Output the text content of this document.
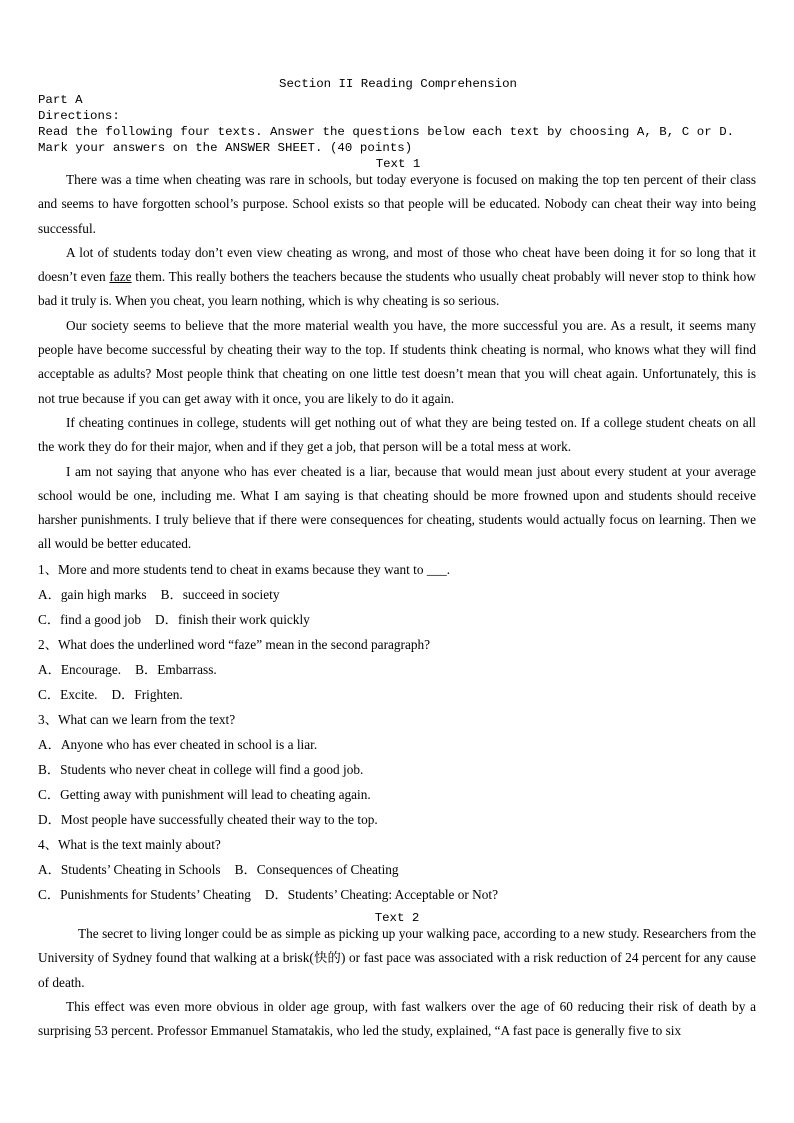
Section II Reading Comprehension

Part A

Directions:

Read the following four texts. Answer the questions below each text by choosing A, B, C or D. Mark your answers on the ANSWER SHEET. (40 points)

Text 1

There was a time when cheating was rare in schools, but today everyone is focused on making the top ten percent of their class and seems to have forgotten school’s purpose. School exists so that people will be educated. Nobody can cheat their way into being successful.

A lot of students today don’t even view cheating as wrong, and most of those who cheat have been doing it for so long that it doesn’t even faze them. This really bothers the teachers because the students who usually cheat probably will never stop to think how bad it truly is. When you cheat, you learn nothing, which is why cheating is so serious.

Our society seems to believe that the more material wealth you have, the more successful you are. As a result, it seems many people have become successful by cheating their way to the top. If students think cheating is normal, who knows what they will find acceptable as adults? Most people think that cheating on one little test doesn’t mean that you will cheat again. Unfortunately, this is not true because if you can get away with it once, you are likely to do it again.

If cheating continues in college, students will get nothing out of what they are being tested on. If a college student cheats on all the work they do for their major, when and if they get a job, that person will be a total mess at work.

I am not saying that anyone who has ever cheated is a liar, because that would mean just about every student at your average school would be one, including me. What I am saying is that cheating should be more frowned upon and students should receive harsher punishments. I truly believe that if there were consequences for cheating, students would actually focus on learning. Then we all would be better educated.

1、More and more students tend to cheat in exams because they want to ___.

A．gain high marks B．succeed in society

C．find a good job D．finish their work quickly

2、What does the underlined word “faze” mean in the second paragraph?

A．Encourage. B．Embarrass.

C．Excite. D．Frighten.

3、What can we learn from the text?

A．Anyone who has ever cheated in school is a liar.

B．Students who never cheat in college will find a good job.

C．Getting away with punishment will lead to cheating again.

D．Most people have successfully cheated their way to the top.

4、What is the text mainly about?

A．Students’ Cheating in Schools B．Consequences of Cheating

C．Punishments for Students’ Cheating D．Students’ Cheating: Acceptable or Not?

Text 2

The secret to living longer could be as simple as picking up your walking pace, according to a new study. Researchers from the University of Sydney found that walking at a brisk(快的) or fast pace was associated with a risk reduction of 24 percent for any cause of death.

This effect was even more obvious in older age group, with fast walkers over the age of 60 reducing their risk of death by a surprising 53 percent. Professor Emmanuel Stamatakis, who led the study, explained, “A fast pace is generally five to six
